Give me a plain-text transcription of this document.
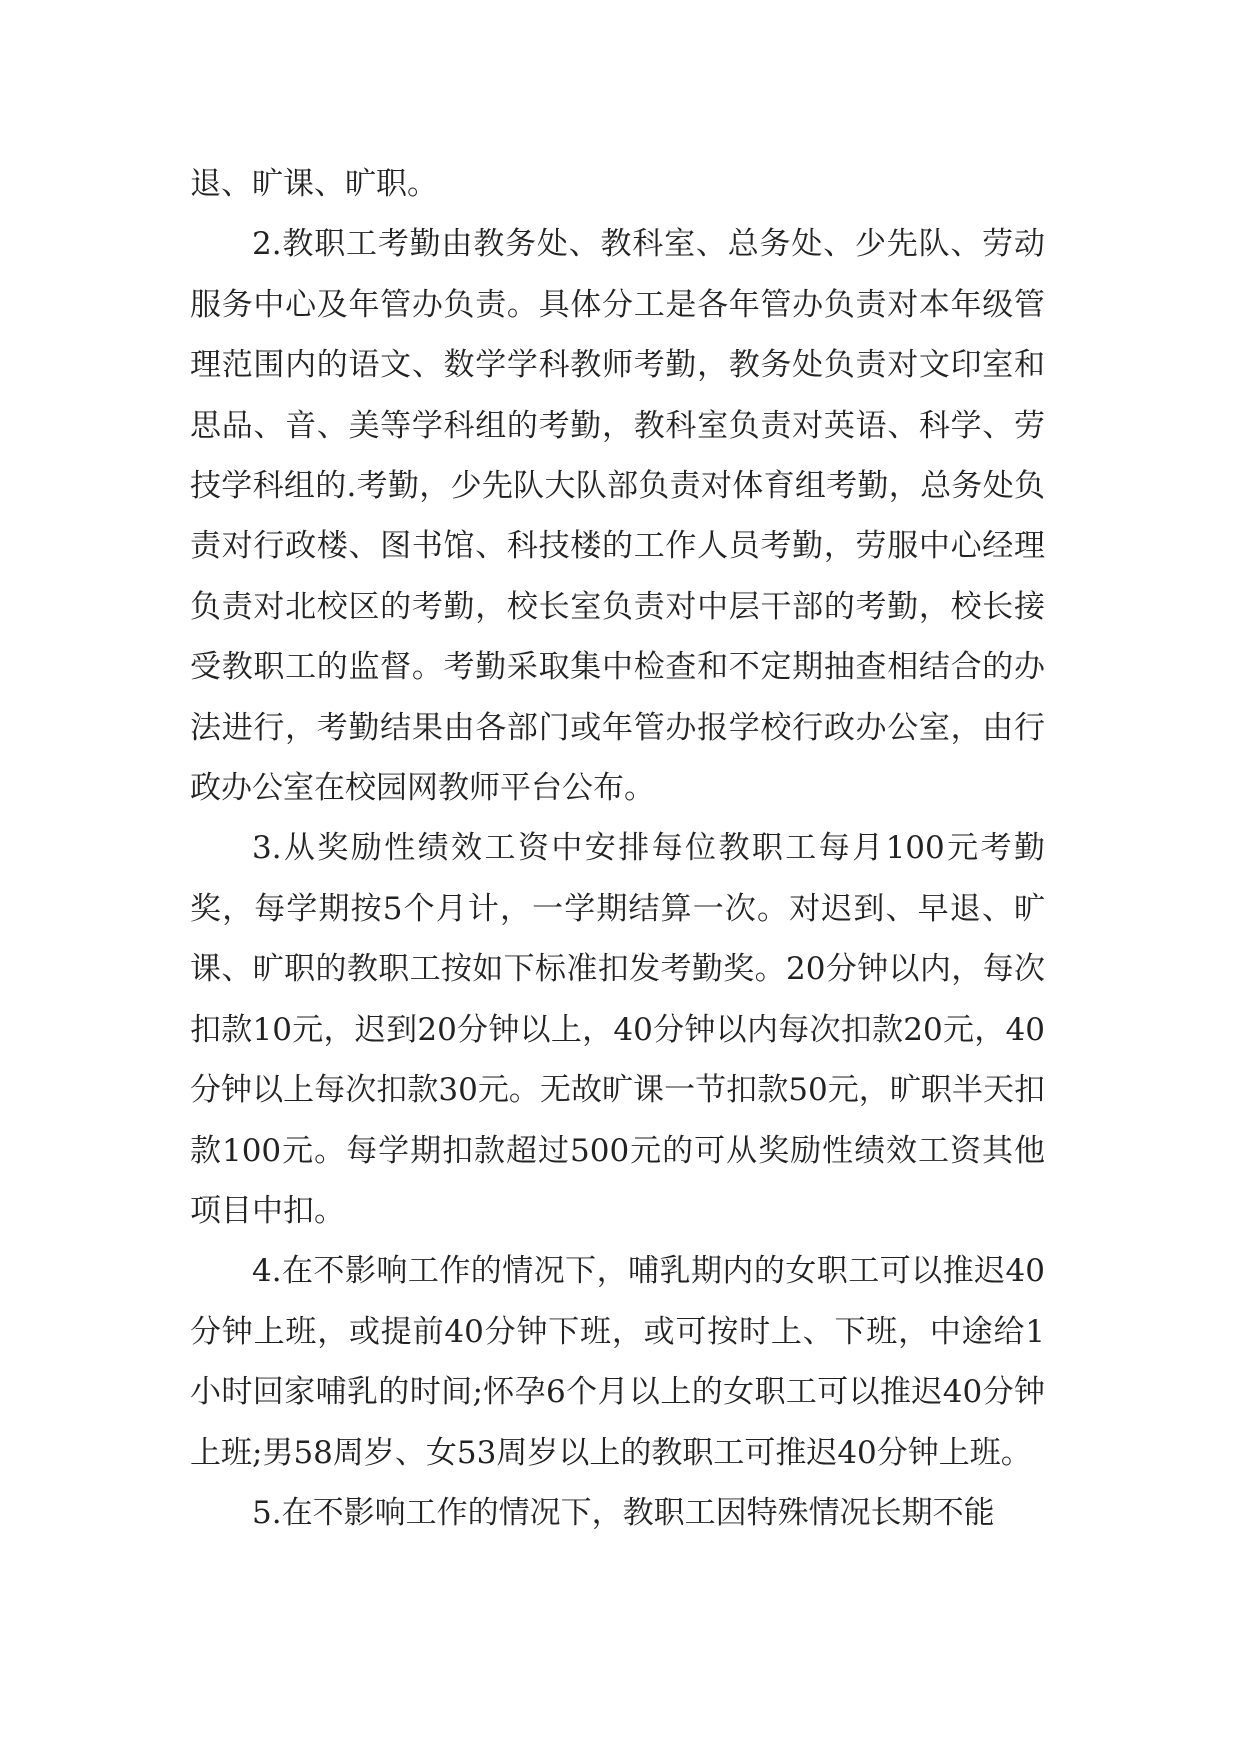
退、旷课、旷职。

2.教职工考勤由教务处、教科室、总务处、少先队、劳动服务中心及年管办负责。具体分工是各年管办负责对本年级管理范围内的语文、数学学科教师考勤，教务处负责对文印室和思品、音、美等学科组的考勤，教科室负责对英语、科学、劳技学科组的.考勤，少先队大队部负责对体育组考勤，总务处负责对行政楼、图书馆、科技楼的工作人员考勤，劳服中心经理负责对北校区的考勤，校长室负责对中层干部的考勤，校长接受教职工的监督。考勤采取集中检查和不定期抽查相结合的办法进行，考勤结果由各部门或年管办报学校行政办公室，由行政办公室在校园网教师平台公布。

3.从奖励性绩效工资中安排每位教职工每月100元考勤奖，每学期按5个月计，一学期结算一次。对迟到、早退、旷课、旷职的教职工按如下标准扣发考勤奖。20分钟以内，每次扣款10元，迟到20分钟以上，40分钟以内每次扣款20元，40分钟以上每次扣款30元。无故旷课一节扣款50元，旷职半天扣款100元。每学期扣款超过500元的可从奖励性绩效工资其他项目中扣。

4.在不影响工作的情况下，哺乳期内的女职工可以推迟40分钟上班，或提前40分钟下班，或可按时上、下班，中途给1小时回家哺乳的时间;怀孕6个月以上的女职工可以推迟40分钟上班;男58周岁、女53周岁以上的教职工可推迟40分钟上班。

5.在不影响工作的情况下，教职工因特殊情况长期不能
